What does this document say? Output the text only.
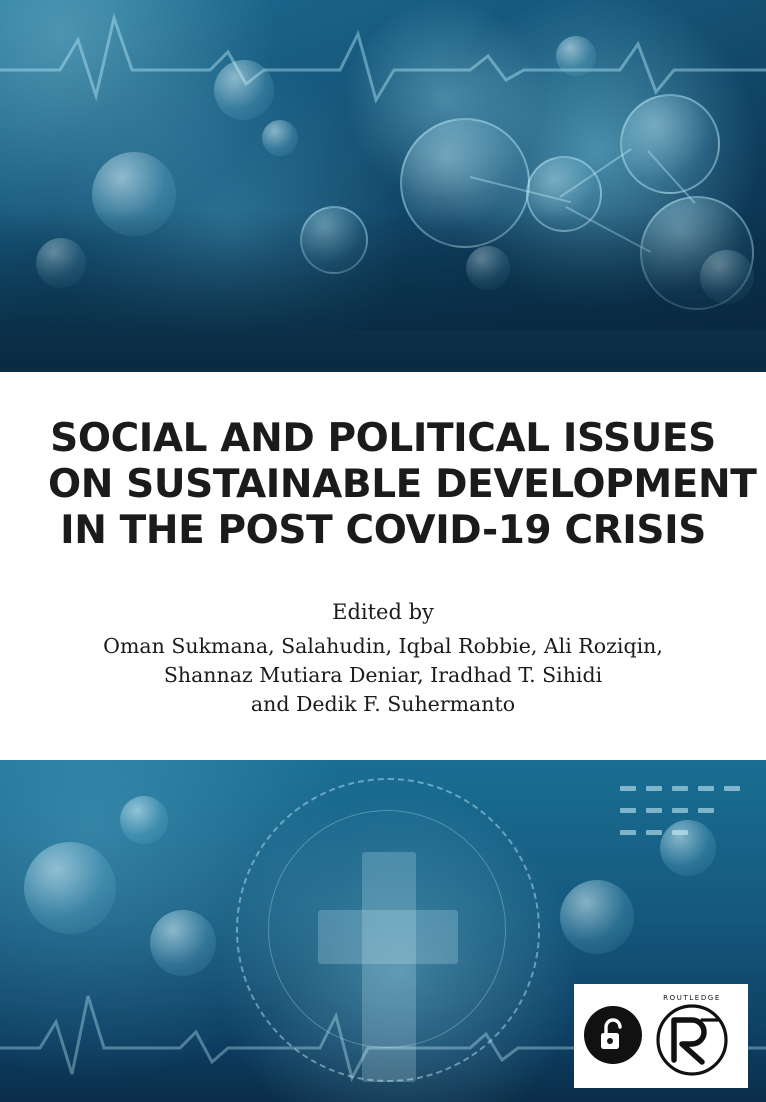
SOCIAL AND POLITICAL ISSUES
ON SUSTAINABLE DEVELOPMENT
IN THE POST COVID-19 CRISIS

Edited by

Oman Sukmana, Salahudin, Iqbal Robbie, Ali Roziqin,
Shannaz Mutiara Deniar, Iradhad T. Sihidi
and Dedik F. Suhermanto

ROUTLEDGE
